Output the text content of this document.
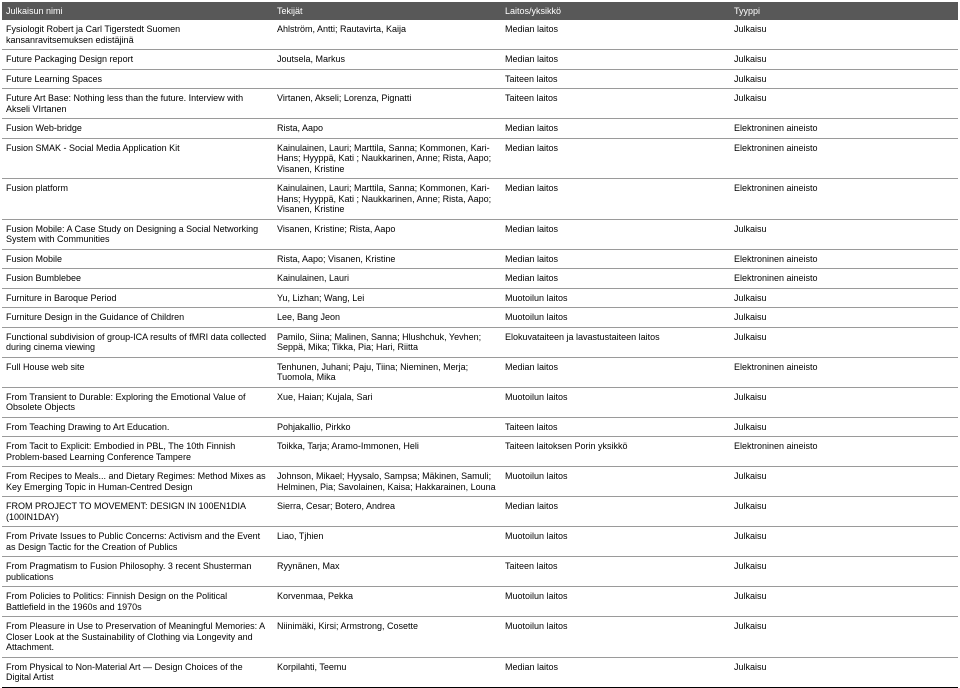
Julkaisun nimi	Tekijät	Laitos/yksikkö	Tyyppi
Fysiologit Robert ja Carl Tigerstedt Suomen kansanravitsemuksen edistäjinä	Ahlström, Antti; Rautavirta, Kaija	Median laitos	Julkaisu
Future Packaging Design report	Joutsela, Markus	Median laitos	Julkaisu
Future Learning Spaces		Taiteen laitos	Julkaisu
Future Art Base: Nothing less than the future. Interview with Akseli VIrtanen	Virtanen, Akseli; Lorenza, Pignatti	Taiteen laitos	Julkaisu
Fusion Web-bridge	Rista, Aapo	Median laitos	Elektroninen aineisto
Fusion SMAK - Social Media Application Kit	Kainulainen, Lauri; Marttila, Sanna; Kommonen, Kari-Hans; Hyyppä, Kati ; Naukkarinen, Anne; Rista, Aapo; Visanen, Kristine	Median laitos	Elektroninen aineisto
Fusion platform	Kainulainen, Lauri; Marttila, Sanna; Kommonen, Kari-Hans; Hyyppä, Kati ; Naukkarinen, Anne; Rista, Aapo; Visanen, Kristine	Median laitos	Elektroninen aineisto
Fusion Mobile: A Case Study on Designing a Social Networking System with Communities	Visanen, Kristine; Rista, Aapo	Median laitos	Julkaisu
Fusion Mobile	Rista, Aapo; Visanen, Kristine	Median laitos	Elektroninen aineisto
Fusion Bumblebee	Kainulainen, Lauri	Median laitos	Elektroninen aineisto
Furniture in Baroque Period	Yu, Lizhan; Wang, Lei	Muotoilun laitos	Julkaisu
Furniture Design in the Guidance of Children	Lee, Bang Jeon	Muotoilun laitos	Julkaisu
Functional subdivision of group-ICA results of fMRI data collected during cinema viewing	Pamilo, Siina; Malinen, Sanna; Hlushchuk, Yevhen; Seppä, Mika; Tikka, Pia; Hari, Riitta	Elokuvataiteen ja lavastustaiteen laitos	Julkaisu
Full House web site	Tenhunen, Juhani; Paju, Tiina; Nieminen, Merja; Tuomola, Mika	Median laitos	Elektroninen aineisto
From Transient to Durable: Exploring the Emotional Value of Obsolete Objects	Xue, Haian; Kujala, Sari	Muotoilun laitos	Julkaisu
From Teaching Drawing to Art Education.	Pohjakallio, Pirkko	Taiteen laitos	Julkaisu
From Tacit to Explicit: Embodied in PBL, The 10th Finnish Problem-based Learning Conference Tampere	Toikka, Tarja; Aramo-Immonen, Heli	Taiteen laitoksen Porin yksikkö	Elektroninen aineisto
From Recipes to Meals... and Dietary Regimes: Method Mixes as Key Emerging Topic in Human-Centred Design	Johnson, Mikael; Hyysalo, Sampsa; Mäkinen, Samuli; Helminen, Pia; Savolainen, Kaisa; Hakkarainen, Louna	Muotoilun laitos	Julkaisu
FROM PROJECT TO MOVEMENT: DESIGN IN 100EN1DIA (100IN1DAY)	Sierra, Cesar; Botero, Andrea	Median laitos	Julkaisu
From Private Issues to Public Concerns: Activism and the Event as Design Tactic for the Creation of Publics	Liao, Tjhien	Muotoilun laitos	Julkaisu
From Pragmatism to Fusion Philosophy. 3 recent Shusterman publications	Ryynänen, Max	Taiteen laitos	Julkaisu
From Policies to Politics: Finnish Design on the Political Battlefield in the 1960s and 1970s	Korvenmaa, Pekka	Muotoilun laitos	Julkaisu
From Pleasure in Use to Preservation of Meaningful Memories: A Closer Look at the Sustainability of Clothing via Longevity and Attachment.	Niinimäki, Kirsi; Armstrong, Cosette	Muotoilun laitos	Julkaisu
From Physical to Non-Material Art — Design Choices of the Digital Artist	Korpilahti, Teemu	Median laitos	Julkaisu
